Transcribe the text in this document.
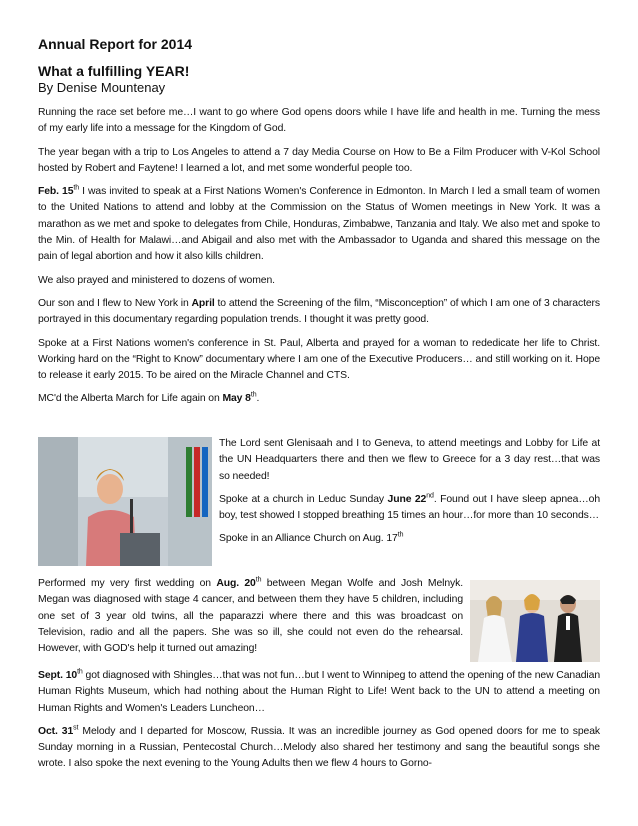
Annual Report for 2014
What a fulfilling YEAR!
By Denise Mountenay

Running the race set before me…I want to go where God opens doors while I have life and health in me. Turning the mess of my early life into a message for the Kingdom of God.

The year began with a trip to Los Angeles to attend a 7 day Media Course on How to Be a Film Producer with V-Kol School hosted by Robert and Faytene! I learned a lot, and met some wonderful people too.

Feb. 15th I was invited to speak at a First Nations Women's Conference in Edmonton. In March I led a small team of women to the United Nations to attend and lobby at the Commission on the Status of Women meetings in New York. It was a marathon as we met and spoke to delegates from Chile, Honduras, Zimbabwe, Tanzania and Italy. We also met and spoke to the Min. of Health for Malawi…and Abigail and also met with the Ambassador to Uganda and shared this message on the pain of legal abortion and how it also kills children.

We also prayed and ministered to dozens of women.

Our son and I flew to New York in April to attend the Screening of the film, “Misconception” of which I am one of 3 characters portrayed in this documentary regarding population trends. I thought it was pretty good.

Spoke at a First Nations women's conference in St. Paul, Alberta and prayed for a woman to rededicate her life to Christ. Working hard on the “Right to Know” documentary where I am one of the Executive Producers… and still working on it. Hope to release it early 2015. To be aired on the Miracle Channel and CTS.

MC'd the Alberta March for Life again on May 8th.

The Lord sent Glenisaah and I to Geneva, to attend meetings and Lobby for Life at the UN Headquarters there and then we flew to Greece for a 3 day rest…that was so needed!

Spoke at a church in Leduc Sunday June 22nd. Found out I have sleep apnea…oh boy, test showed I stopped breathing 15 times an hour…for more than 10 seconds…

Spoke in an Alliance Church on Aug. 17th

Performed my very first wedding on Aug. 20th between Megan Wolfe and Josh Melnyk. Megan was diagnosed with stage 4 cancer, and between them they have 5 children, including one set of 3 year old twins, all the paparazzi where there and this was broadcast on Television, radio and all the papers. She was so ill, she could not even do the rehearsal. However, with GOD's help it turned out amazing!

Sept. 10th got diagnosed with Shingles…that was not fun…but I went to Winnipeg to attend the opening of the new Canadian Human Rights Museum, which had nothing about the Human Right to Life! Went back to the UN to attend a meeting on Human Rights and Women's Leaders Luncheon…

Oct. 31st Melody and I departed for Moscow, Russia. It was an incredible journey as God opened doors for me to speak Sunday morning in a Russian, Pentecostal Church…Melody also shared her testimony and sang the beautiful songs she wrote. I also spoke the next evening to the Young Adults then we flew 4 hours to Gorno-
